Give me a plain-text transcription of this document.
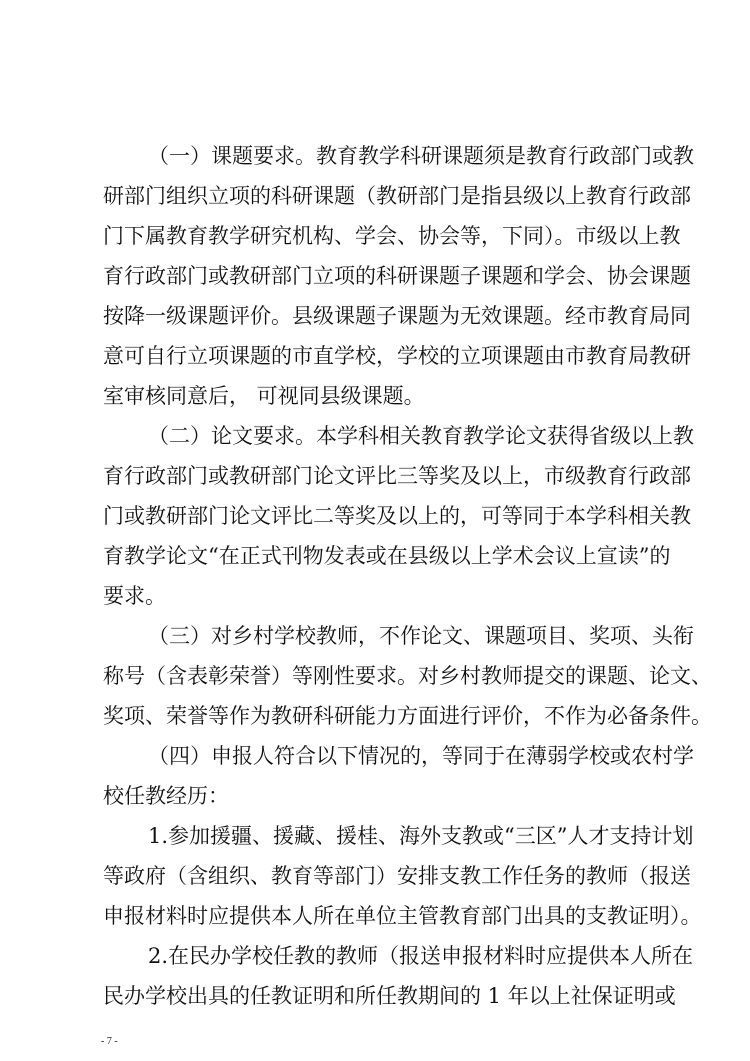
（一）课题要求。教育教学科研课题须是教育行政部门或教
研部门组织立项的科研课题（教研部门是指县级以上教育行政部
门下属教育教学研究机构、学会、协会等，下同）。市级以上教
育行政部门或教研部门立项的科研课题子课题和学会、协会课题
按降一级课题评价。县级课题子课题为无效课题。经市教育局同
意可自行立项课题的市直学校，学校的立项课题由市教育局教研
室审核同意后， 可视同县级课题。
（二）论文要求。本学科相关教育教学论文获得省级以上教
育行政部门或教研部门论文评比三等奖及以上，市级教育行政部
门或教研部门论文评比二等奖及以上的，可等同于本学科相关教
育教学论文“在正式刊物发表或在县级以上学术会议上宣读”的
要求。
（三）对乡村学校教师，不作论文、课题项目、奖项、头衔
称号（含表彰荣誉）等刚性要求。对乡村教师提交的课题、论文、
奖项、荣誉等作为教研科研能力方面进行评价，不作为必备条件。
（四）申报人符合以下情况的，等同于在薄弱学校或农村学
校任教经历：
1.参加援疆、援藏、援桂、海外支教或“三区”人才支持计划
等政府（含组织、教育等部门）安排支教工作任务的教师（报送
申报材料时应提供本人所在单位主管教育部门出具的支教证明）。
2.在民办学校任教的教师（报送申报材料时应提供本人所在
民办学校出具的任教证明和所任教期间的 1 年以上社保证明或
- 7 -
